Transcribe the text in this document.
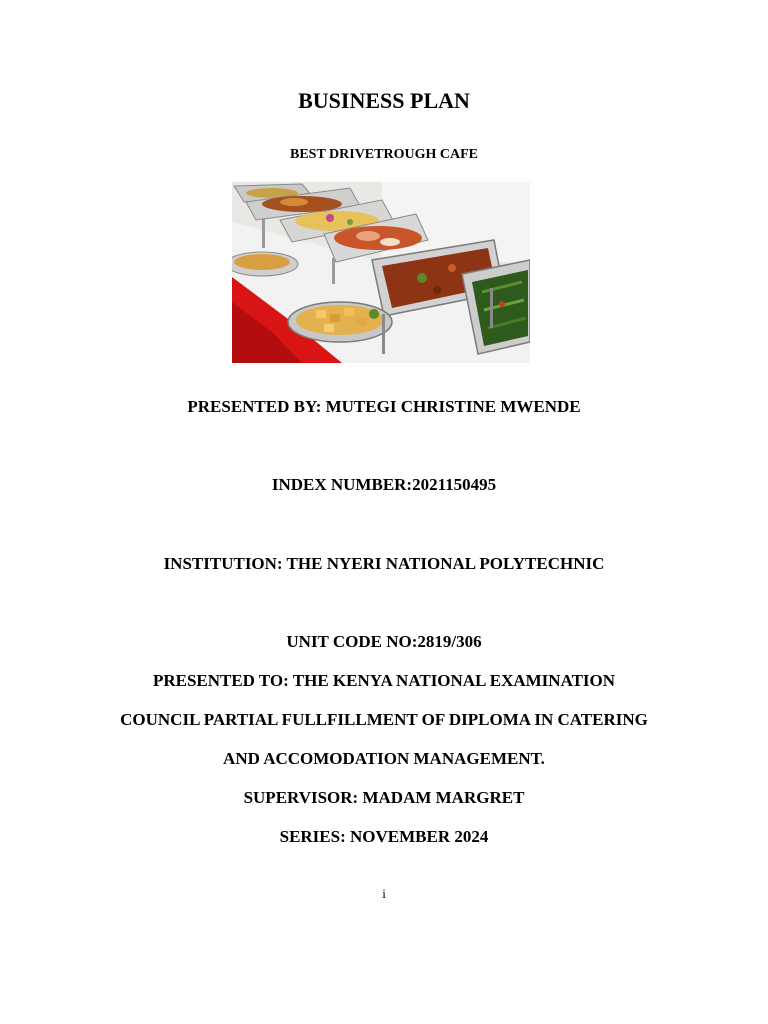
BUSINESS PLAN
BEST DRIVETROUGH CAFE
PRESENTED BY: MUTEGI CHRISTINE MWENDE
INDEX NUMBER:2021150495
INSTITUTION: THE NYERI NATIONAL POLYTECHNIC
UNIT CODE NO:2819/306
PRESENTED TO: THE KENYA NATIONAL EXAMINATION
COUNCIL PARTIAL FULLFILLMENT OF DIPLOMA IN CATERING
AND ACCOMODATION MANAGEMENT.
SUPERVISOR: MADAM MARGRET
SERIES: NOVEMBER 2024
i
